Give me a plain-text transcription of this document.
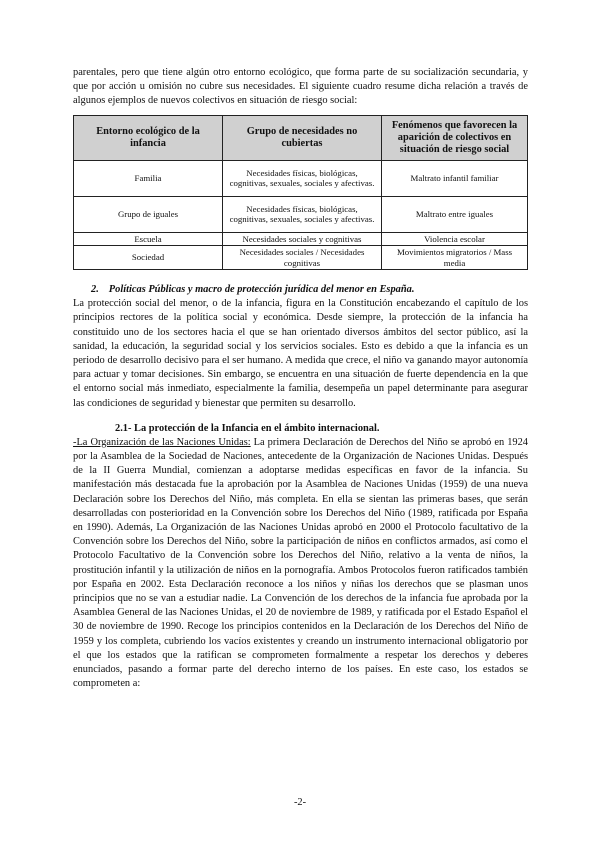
parentales, pero que tiene algún otro entorno ecológico, que forma parte de su socialización secundaria, y que por acción u omisión no cubre sus necesidades. El siguiente cuadro resume dicha relación a través de algunos ejemplos de nuevos colectivos en situación de riesgo social:

Entorno ecológico de la infancia	Grupo de necesidades no cubiertas	Fenómenos que favorecen la aparición de colectivos en situación de riesgo social
Familia	Necesidades físicas, biológicas, cognitivas, sexuales, sociales y afectivas.	Maltrato infantil familiar
Grupo de iguales	Necesidades físicas, biológicas, cognitivas, sexuales, sociales y afectivas.	Maltrato entre iguales
Escuela	Necesidades sociales y cognitivas	Violencia escolar
Sociedad	Necesidades sociales / Necesidades cognitivas	Movimientos migratorios / Mass media
2. Políticas Públicas y macro de protección jurídica del menor en España.

La protección social del menor, o de la infancia, figura en la Constitución encabezando el capítulo de los principios rectores de la política social y económica. Desde siempre, la protección de la infancia ha constituido uno de los sectores hacia el que se han orientado diversos ámbitos del sector público, así la sanidad, la educación, la seguridad social y los servicios sociales. Esto es debido a que la infancia es un periodo de desarrollo decisivo para el ser humano. A medida que crece, el niño va ganando mayor autonomía para actuar y tomar decisiones. Sin embargo, se encuentra en una situación de fuerte dependencia en la que el entorno social más inmediato, especialmente la familia, desempeña un papel determinante para asegurar las condiciones de seguridad y bienestar que permiten su desarrollo.

2.1- La protección de la Infancia en el ámbito internacional.

-La Organización de las Naciones Unidas: La primera Declaración de Derechos del Niño se aprobó en 1924 por la Asamblea de la Sociedad de Naciones, antecedente de la Organización de Naciones Unidas. Después de la II Guerra Mundial, comienzan a adoptarse medidas específicas en favor de la infancia. Su manifestación más destacada fue la aprobación por la Asamblea de Naciones Unidas (1959) de una nueva Declaración sobre los Derechos del Niño, más completa. En ella se sientan las primeras bases, que serán desarrolladas con posterioridad en la Convención sobre los Derechos del Niño (1989, ratificada por España en 1990). Además, La Organización de las Naciones Unidas aprobó en 2000 el Protocolo facultativo de la Convención sobre los Derechos del Niño, sobre la participación de niños en conflictos armados, así como el Protocolo Facultativo de la Convención sobre los Derechos del Niño, relativo a la venta de niños, la prostitución infantil y la utilización de niños en la pornografía. Ambos Protocolos fueron ratificados también por España en 2002. Esta Declaración reconoce a los niños y niñas los derechos que se plasman unos principios que no se van a estudiar nadie. La Convención de los derechos de la infancia fue aprobada por la Asamblea General de las Naciones Unidas, el 20 de noviembre de 1989, y ratificada por el Estado Español el 30 de noviembre de 1990. Recoge los principios contenidos en la Declaración de los Derechos del Niño de 1959 y los completa, cubriendo los vacíos existentes y creando un instrumento internacional obligatorio por el que los estados que la ratifican se comprometen formalmente a respetar los derechos y deberes enunciados, pasando a formar parte del derecho interno de los países. En este caso, los estados se comprometen a:

-2-
